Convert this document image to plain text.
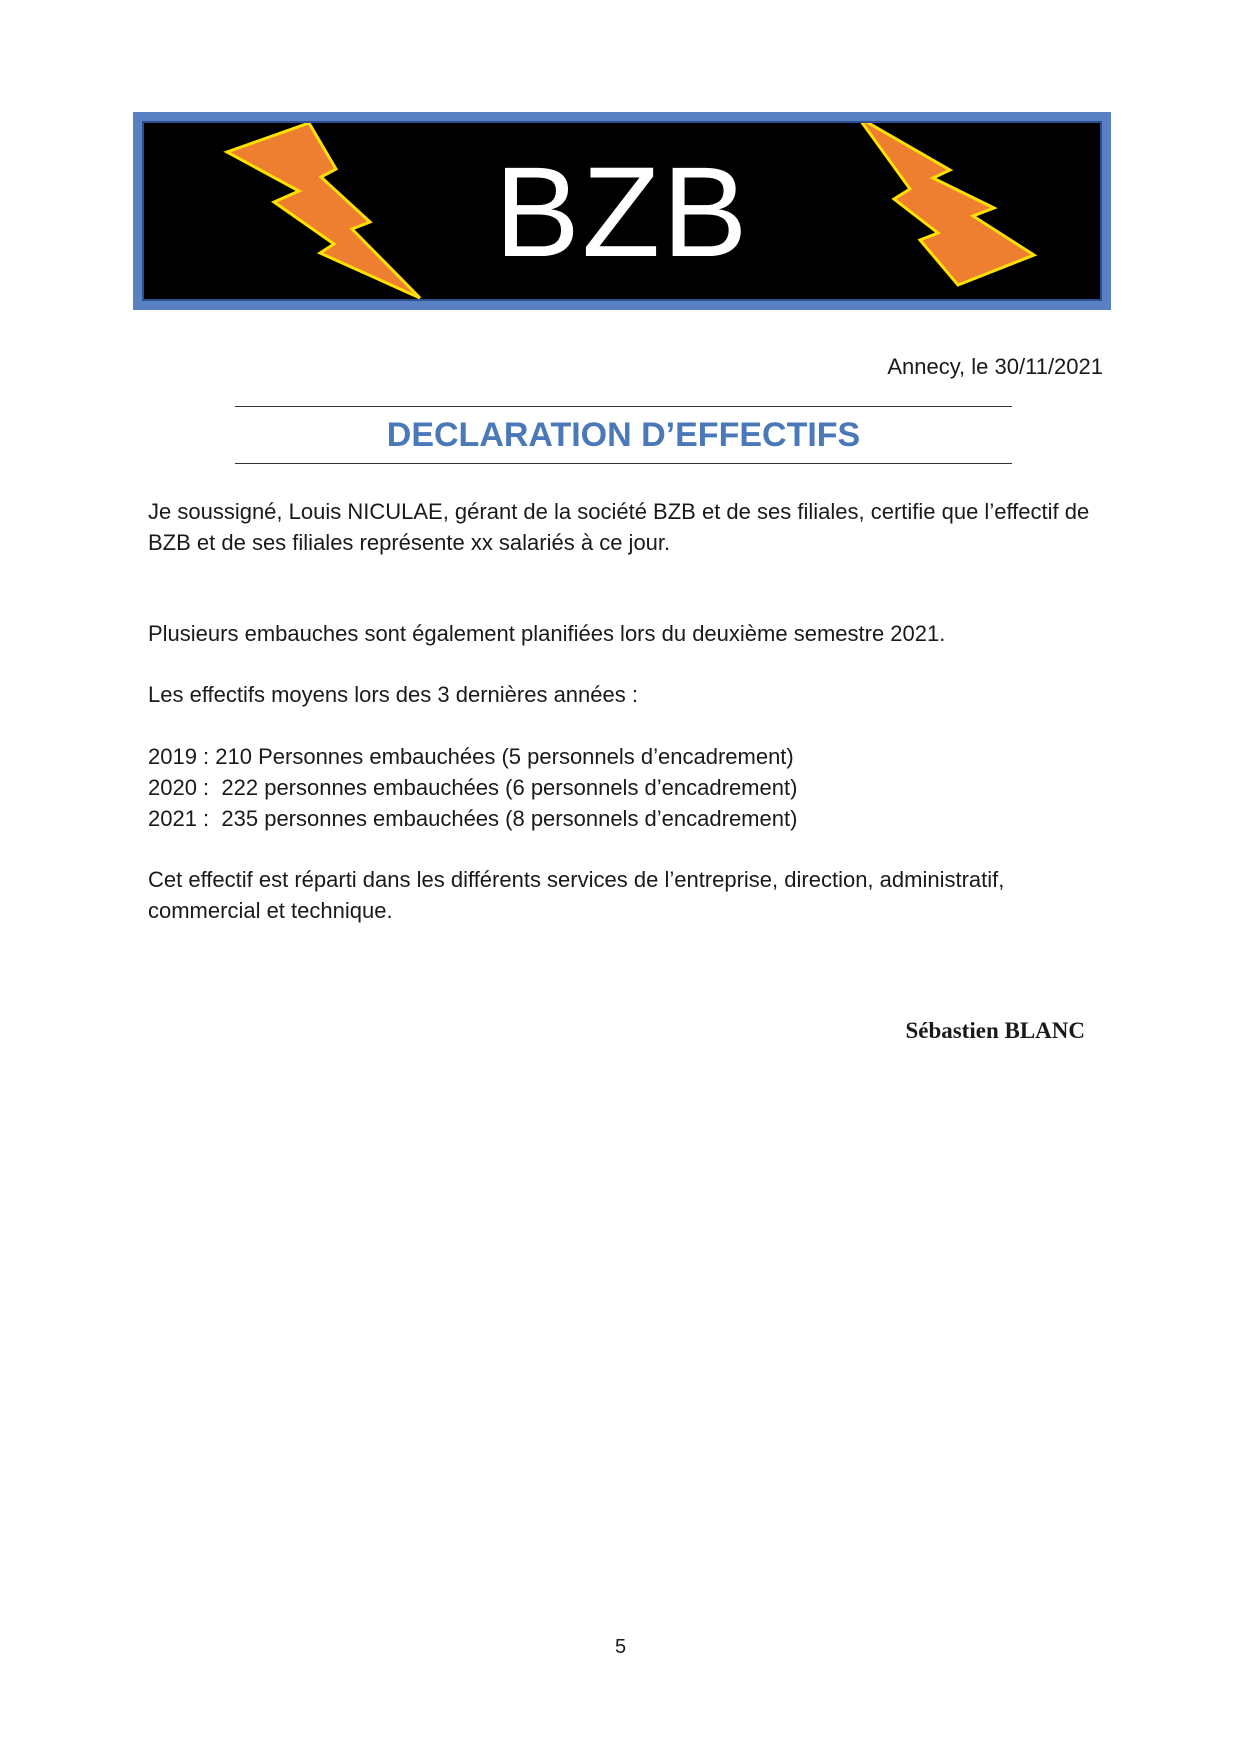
BZB
Annecy, le 30/11/2021
DECLARATION D’EFFECTIFS

Je soussigné, Louis NICULAE, gérant de la société BZB et de ses filiales, certifie que l’effectif de BZB et de ses filiales représente xx salariés à ce jour.

Plusieurs embauches sont également planifiées lors du deuxième semestre 2021.

Les effectifs moyens lors des 3 dernières années :

2019 : 210 Personnes embauchées (5 personnels d’encadrement)
2020 :  222 personnes embauchées (6 personnels d’encadrement)
2021 :  235 personnes embauchées (8 personnels d’encadrement)

Cet effectif est réparti dans les différents services de l’entreprise, direction, administratif, commercial et technique.

Sébastien BLANC
5
